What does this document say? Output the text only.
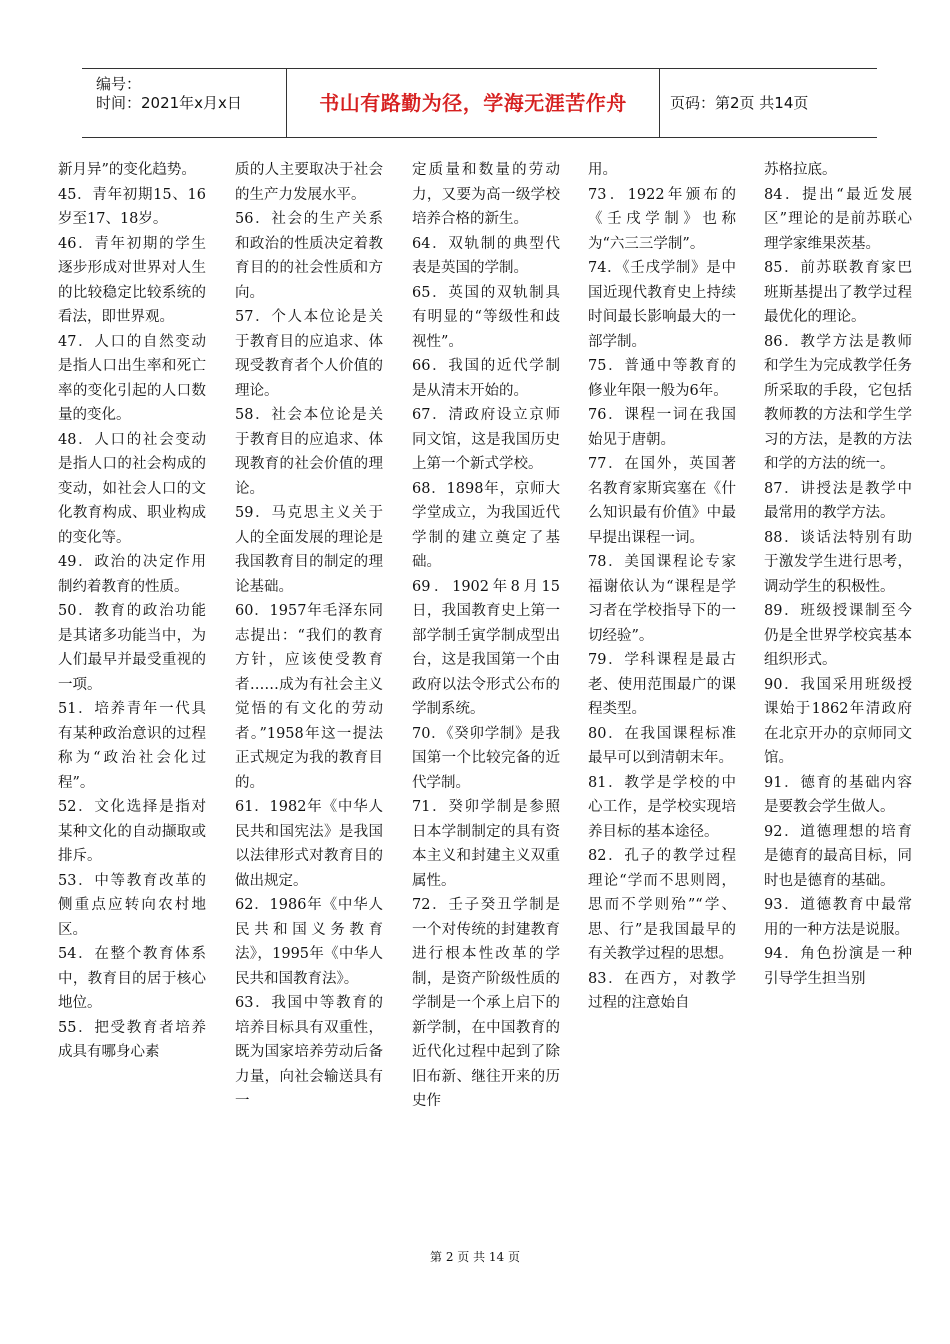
编号：
时间：2021年x月x日	书山有路勤为径，学海无涯苦作舟	页码：第2页 共14页

新月异”的变化趋势。

45．青年初期15、16岁至17、18岁。

46．青年初期的学生逐步形成对世界对人生的比较稳定比较系统的看法，即世界观。

47．人口的自然变动是指人口出生率和死亡率的变化引起的人口数量的变化。

48．人口的社会变动是指人口的社会构成的变动，如社会人口的文化教育构成、职业构成的变化等。

49．政治的决定作用制约着教育的性质。

50．教育的政治功能是其诸多功能当中，为人们最早并最受重视的一项。

51．培养青年一代具有某种政治意识的过程称为“政治社会化过程”。

52．文化选择是指对某种文化的自动撷取或排斥。

53．中等教育改革的侧重点应转向农村地区。

54．在整个教育体系中，教育目的居于核心地位。

55．把受教育者培养成具有哪身心素

质的人主要取决于社会的生产力发展水平。

56．社会的生产关系和政治的性质决定着教育目的的社会性质和方向。

57．个人本位论是关于教育目的应追求、体现受教育者个人价值的理论。

58．社会本位论是关于教育目的应追求、体现教育的社会价值的理论。

59．马克思主义关于人的全面发展的理论是我国教育目的制定的理论基础。

60．1957年毛泽东同志提出：“我们的教育方针，应该使受教育者……成为有社会主义觉悟的有文化的劳动者。”1958年这一提法正式规定为我的教育目的。

61．1982年《中华人民共和国宪法》是我国以法律形式对教育目的做出规定。

62．1986年《中华人民共和国义务教育法》，1995年《中华人民共和国教育法》。

63．我国中等教育的培养目标具有双重性，既为国家培养劳动后备力量，向社会输送具有一

定质量和数量的劳动力，又要为高一级学校培养合格的新生。

64．双轨制的典型代表是英国的学制。

65．英国的双轨制具有明显的“等级性和歧视性”。

66．我国的近代学制是从清末开始的。

67．清政府设立京师同文馆，这是我国历史上第一个新式学校。

68．1898年，京师大学堂成立，为我国近代学制的建立奠定了基础。

69．1902年8月15日，我国教育史上第一部学制壬寅学制成型出台，这是我国第一个由政府以法令形式公布的学制系统。

70．《癸卯学制》是我国第一个比较完备的近代学制。

71．癸卯学制是参照日本学制制定的具有资本主义和封建主义双重属性。

72．壬子癸丑学制是一个对传统的封建教育进行根本性改革的学制，是资产阶级性质的学制是一个承上启下的新学制，在中国教育的近代化过程中起到了除旧布新、继往开来的历史作

用。

73．1922年颁布的《壬戌学制》也称为“六三三学制”。

74．《壬戌学制》是中国近现代教育史上持续时间最长影响最大的一部学制。

75．普通中等教育的修业年限一般为6年。

76．课程一词在我国始见于唐朝。

77．在国外，英国著名教育家斯宾塞在《什么知识最有价值》中最早提出课程一词。

78．美国课程论专家福谢依认为“课程是学习者在学校指导下的一切经验”。

79．学科课程是最古老、使用范围最广的课程类型。

80．在我国课程标准最早可以到清朝末年。

81．教学是学校的中心工作，是学校实现培养目标的基本途径。

82．孔子的教学过程理论“学而不思则罔，思而不学则殆”“学、思、行”是我国最早的有关教学过程的思想。

83．在西方，对教学过程的注意始自

苏格拉底。

84．提出“最近发展区”理论的是前苏联心理学家维果茨基。

85．前苏联教育家巴班斯基提出了教学过程最优化的理论。

86．教学方法是教师和学生为完成教学任务所采取的手段，它包括教师教的方法和学生学习的方法，是教的方法和学的方法的统一。

87．讲授法是教学中最常用的教学方法。

88．谈话法特别有助于激发学生进行思考，调动学生的积极性。

89．班级授课制至今仍是全世界学校宾基本组织形式。

90．我国采用班级授课始于1862年清政府在北京开办的京师同文馆。

91．德育的基础内容是要教会学生做人。

92．道德理想的培育是德育的最高目标，同时也是德育的基础。

93．道德教育中最常用的一种方法是说服。

94．角色扮演是一种引导学生担当别

第 2 页 共 14 页
